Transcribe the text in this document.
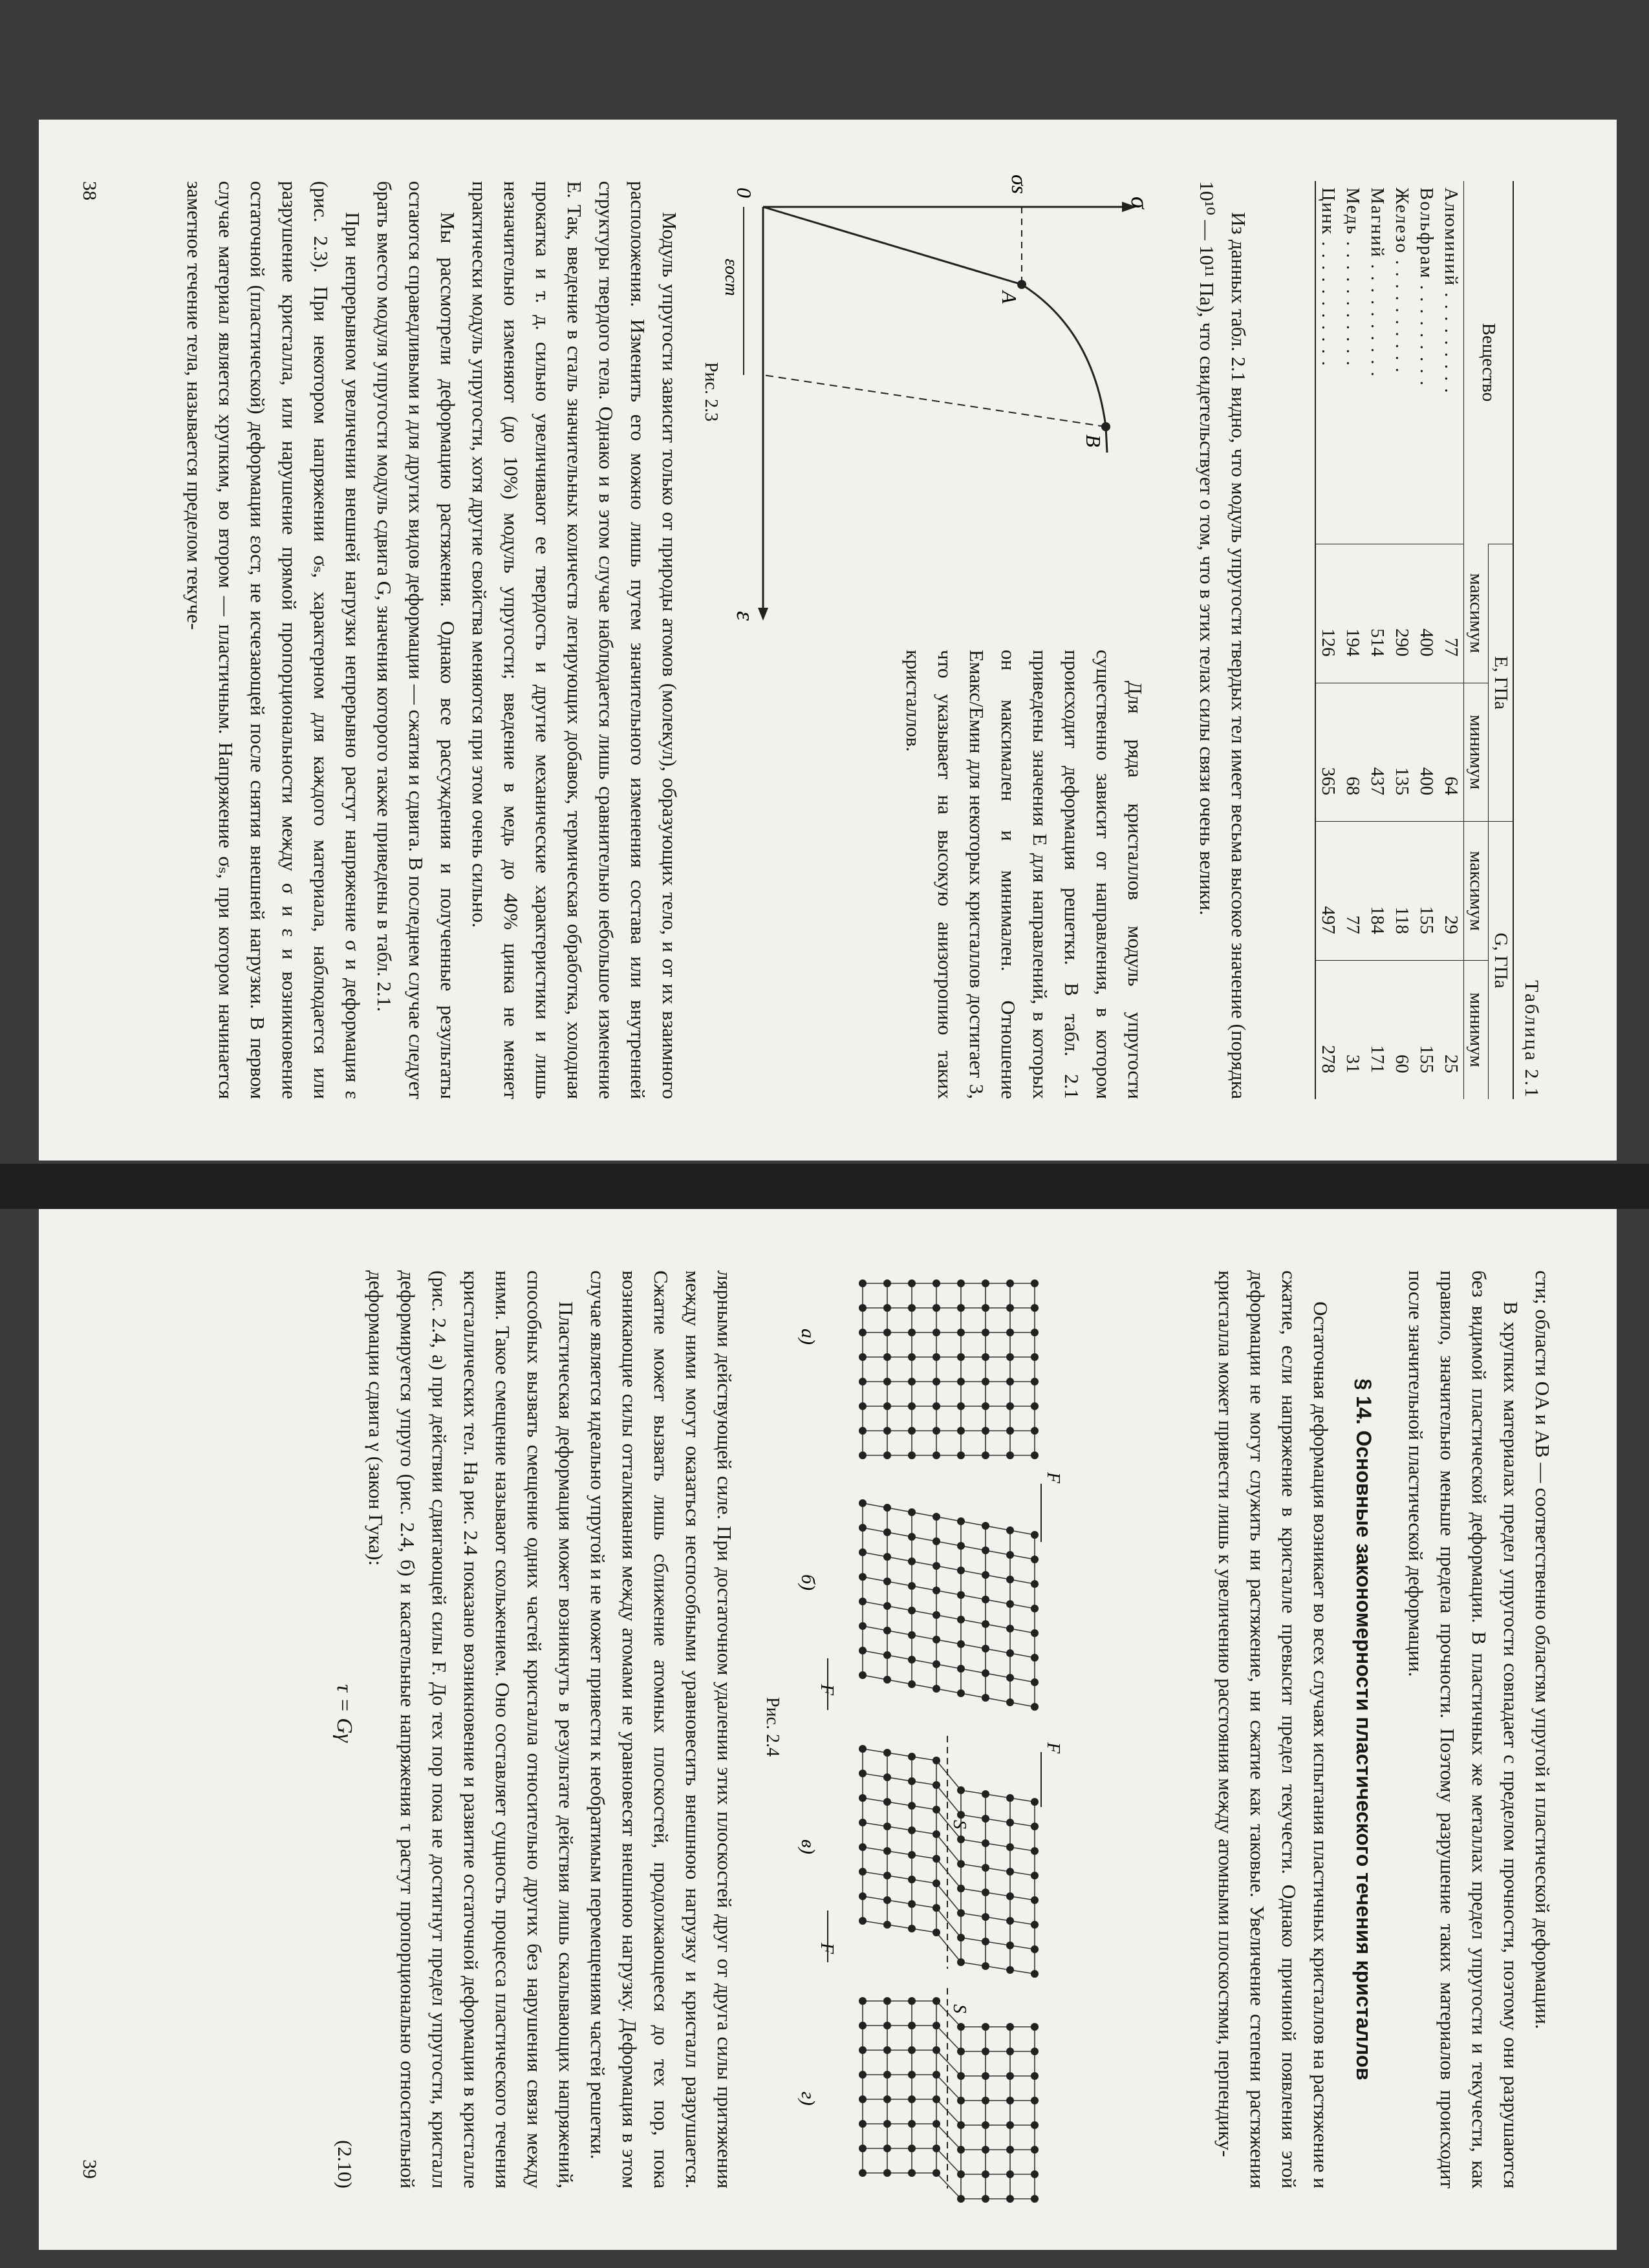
Таблица 2.1
Вещество	E, ГПа		G, ГПа	
	максимум	минимум	максимум	минимум
Алюминий . . . . . . . . .	77	64	29	25
Вольфрам . . . . . . . . .	400	400	155	155
Железо . . . . . . . . . .	290	135	118	60
Магний . . . . . . . . . .	514	437	184	171
Медь . . . . . . . . . . .	194	68	77	31
Цинк . . . . . . . . . . .	126	365	497	278

Из данных табл. 2.1 видно, что модуль упругости твердых тел имеет весьма высокое значение (порядка 10¹⁰ — 10¹¹ Па), что свидетельствует о том, что в этих телах силы связи очень велики.

σ
ε
σs
A
B
0
εост
Рис. 2.3

Для ряда кристаллов модуль упругости существенно зависит от направления, в котором происходит деформация решетки. В табл. 2.1 приведены значения E для направлений, в которых он максимален и минимален. Отношение Eмакс/Eмин для некоторых кристаллов достигает 3, что указывает на высокую анизотропию таких кристаллов.

Модуль упругости зависит только от природы атомов (молекул), образующих тело, и от их взаимного расположения. Изменить его можно лишь путем значительного изменения состава или внутренней структуры твердого тела. Однако и в этом случае наблюдается лишь сравнительно небольшое изменение E. Так, введение в сталь значительных количеств легирующих добавок, термическая обработка, холодная прокатка и т. д. сильно увеличивают ее твердость и другие механические характеристики и лишь незначительно изменяют (до 10%) модуль упругости; введение в медь до 40% цинка не меняет практически модуль упругости, хотя другие свойства меняются при этом очень сильно.

Мы рассмотрели деформацию растяжения. Однако все рассуждения и полученные результаты остаются справедливыми и для других видов деформации — сжатия и сдвига. В последнем случае следует брать вместо модуля упругости модуль сдвига G, значения которого также приведены в табл. 2.1.

При непрерывном увеличении внешней нагрузки непрерывно растут напряжение σ и деформация ε (рис. 2.3). При некотором напряжении σₛ, характерном для каждого материала, наблюдается или разрушение кристалла, или нарушение прямой пропорциональности между σ и ε и возникновение остаточной (пластической) деформации εост, не исчезающей после снятия внешней нагрузки. В первом случае материал является хрупким, во втором — пластичным. Напряжение σₛ, при котором начинается заметное течение тела, называется пределом текуче-

38

сти; области OA и AB — соответственно областям упругой и пластической деформации.

В хрупких материалах предел упругости совпадает с пределом прочности, поэтому они разрушаются без видимой пластической деформации. В пластичных же металлах предел упругости и текучести, как правило, значительно меньше предела прочности. Поэтому разрушение таких материалов происходит после значительной пластической деформации.

§ 14. Основные закономерности пластического течения кристаллов

Остаточная деформация возникает во всех случаях испытания пластичных кристаллов на растяжение и сжатие, если напряжение в кристалле превысит предел текучести. Однако причиной появления этой деформации не могут служить ни растяжение, ни сжатие как таковые. Увеличение степени растяжения кристалла может привести лишь к увеличению расстояния между атомными плоскостями, перпендику-

а)
б)
в)
г)
F
F
F
F
S
S
Рис. 2.4

лярными действующей силе. При достаточном удалении этих плоскостей друг от друга силы притяжения между ними могут оказаться неспособными уравновесить внешнюю нагрузку и кристалл разрушается. Сжатие может вызвать лишь сближение атомных плоскостей, продолжающееся до тех пор, пока возникающие силы отталкивания между атомами не уравновесят внешнюю нагрузку. Деформация в этом случае является идеально упругой и не может привести к необратимым перемещениям частей решетки.

Пластическая деформация может возникнуть в результате действия лишь скалывающих напряжений, способных вызвать смещение одних частей кристалла относительно других без нарушения связи между ними. Такое смещение называют скольжением. Оно составляет сущность процесса пластического течения кристаллических тел. На рис. 2.4 показано возникновение и развитие остаточной деформации в кристалле (рис. 2.4, а) при действии сдвигающей силы F. До тех пор пока не достигнут предел упругости, кристалл деформируется упруго (рис. 2.4, б) и касательные напряжения τ растут пропорционально относительной деформации сдвига γ (закон Гука):

τ = Gγ
(2.10)
39
